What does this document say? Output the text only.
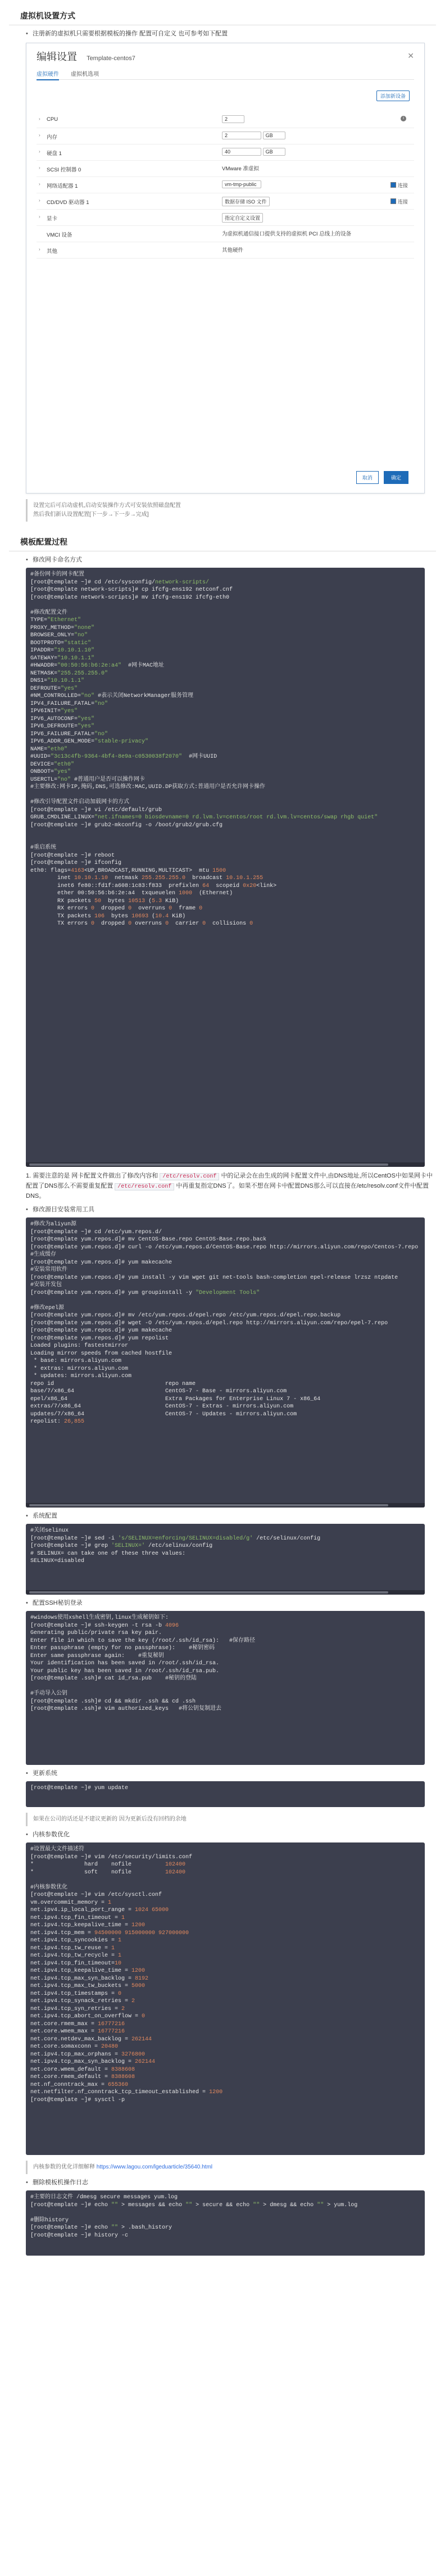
虚拟机设置方式
• 注册新的虚拟机只需要根据模板的操作 配置可自定义 也可参考如下配置
编辑设置 Template-centos7	✕
虚拟硬件 虚拟机选项
添加新设备
› CPU	2	i
› 内存	2	GB
› 硬盘 1	40	GB
› SCSI 控制器 0	VMware 准虚拟
› 网络适配器 1	vm-tmp-public	连接
› CD/DVD 驱动器 1	数据存储 ISO 文件	连接
› 显卡	指定自定义设置
VMCI 设备	为虚拟机通信接口提供支持的虚拟机 PCI 总线上的设备
› 其他	其他硬件
取消	确定
设置完后可启动虚机,启动安装操作方式可安装依照磁盘配置
然后我们新认设置配置[下一步→下一步→完成]
模板配置过程
• 修改网卡命名方式
#备份网卡的网卡配置
[root@template ~]# cd /etc/sysconfig/network-scripts/
[root@template network-scripts]# cp ifcfg-ens192 netconf.cnf
[root@template network-scripts]# mv ifcfg-ens192 ifcfg-eth0

#修改配置文件
TYPE="Ethernet"
PROXY_METHOD="none"
BROWSER_ONLY="no"
BOOTPROTO="static"
IPADDR="10.10.1.10"
GATEWAY="10.10.1.1"
#HWADDR="00:50:56:b6:2e:a4"  #网卡MAC地址
NETMASK="255.255.255.0"
DNS1="10.10.1.1"
DEFROUTE="yes"
#NM_CONTROLLED="no" #表示关闭NetworkManager服务管理
IPV4_FAILURE_FATAL="no"
IPV6INIT="yes"
IPV6_AUTOCONF="yes"
IPV6_DEFROUTE="yes"
IPV6_FAILURE_FATAL="no"
IPV6_ADDR_GEN_MODE="stable-privacy"
NAME="eth0"
#UUID="3c13c4fb-9364-4bf4-8e9a-c0530038f2070"  #网卡UUID
DEVICE="eth0"
ONBOOT="yes"
USERCTL="no" #普通用户是否可以操作网卡
#主要修改:网卡IP,掩码,DNS,可选修改:MAC,UUID.DP获取方式:普通用户是否允许网卡操作

#修改引导配置文件启动加载网卡的方式
[root@template ~]# vi /etc/default/grub
GRUB_CMDLINE_LINUX="net.ifnames=0 biosdevname=0 rd.lvm.lv=centos/root rd.lvm.lv=centos/swap rhgb quiet"
[root@template ~]# grub2-mkconfig -o /boot/grub2/grub.cfg

#重启系统
[root@template ~]# reboot
[root@template ~]# ifconfig
eth0: flags=4163<UP,BROADCAST,RUNNING,MULTICAST>  mtu 1500
inet 10.10.1.10  netmask 255.255.255.0  broadcast 10.10.1.255
inet6 fe80::fd1f:a608:1c83:f833  prefixlen 64  scopeid 0x20<link>
ether 00:50:56:b6:2e:a4  txqueuelen 1000  (Ethernet)
RX packets 50  bytes 10513 (5.3 KiB)
RX errors 0  dropped 0  overruns 0  frame 0
TX packets 106  bytes 10693 (10.4 KiB)
TX errors 0  dropped 0 overruns 0  carrier 0  collisions 0

1. 需要注意的是 网卡配置文件做出了修改内容和 /etc/resolv.conf 中的记录会在由生成的网卡配置文件中,由DNS地址,所以CentOS中如果网卡中配置了DNS那么不需要重复配置 /etc/resolv.conf 中再重复指定DNS了。如果不想在网卡中配置DNS那么可以直接在/etc/resolv.conf文件中配置DNS。
• 修改源目安装常用工具
#修改为aliyun源
[root@template ~]# cd /etc/yum.repos.d/
[root@template yum.repos.d]# mv CentOS-Base.repo CentOS-Base.repo.back
[root@template yum.repos.d]# curl -o /etc/yum.repos.d/CentOS-Base.repo http://mirrors.aliyun.com/repo/Centos-7.repo
#生成缓存
[root@template yum.repos.d]# yum makecache
#安装常用软件
[root@template yum.repos.d]# yum install -y vim wget git net-tools bash-completion epel-release lrzsz ntpdate
#安装开发包
[root@template yum.repos.d]# yum groupinstall -y "Development Tools"

#修改epel源
[root@template yum.repos.d]# mv /etc/yum.repos.d/epel.repo /etc/yum.repos.d/epel.repo.backup
[root@template yum.repos.d]# wget -O /etc/yum.repos.d/epel.repo http://mirrors.aliyun.com/repo/epel-7.repo
[root@template yum.repos.d]# yum makecache
[root@template yum.repos.d]# yum repolist
Loaded plugins: fastestmirror
Loading mirror speeds from cached hostfile
* base: mirrors.aliyun.com
* extras: mirrors.aliyun.com
* updates: mirrors.aliyun.com
repo id                                 repo name
base/7/x86_64                           CentOS-7 - Base - mirrors.aliyun.com
epel/x86_64                             Extra Packages for Enterprise Linux 7 - x86_64
extras/7/x86_64                         CentOS-7 - Extras - mirrors.aliyun.com
updates/7/x86_64                        CentOS-7 - Updates - mirrors.aliyun.com
repolist: 26,855

• 系统配置
#关闭selinux
[root@template ~]# sed -i 's/SELINUX=enforcing/SELINUX=disabled/g' /etc/selinux/config
[root@template ~]# grep 'SELINUX=' /etc/selinux/config
# SELINUX= can take one of these three values:
SELINUX=disabled

• 配置SSH秘钥登录
#windows使用xshell生成密钥,linux生成秘钥如下:
[root@template ~]# ssh-keygen -t rsa -b 4096
Generating public/private rsa key pair.
Enter file in which to save the key (/root/.ssh/id_rsa):   #保存路径
Enter passphrase (empty for no passphrase):    #秘钥密码
Enter same passphrase again:    #重复秘钥
Your identification has been saved in /root/.ssh/id_rsa.
Your public key has been saved in /root/.ssh/id_rsa.pub.
[root@template .ssh]# cat id_rsa.pub    #秘钥的登陆

#手动导入公钥
[root@template .ssh]# cd && mkdir .ssh && cd .ssh
[root@template .ssh]# vim authorized_keys   #将公钥复制进去

• 更新系统
[root@template ~]# yum update

如果在公司的话还是不建议更新的 因为更新后没有回档的余地
• 内核参数优化
#设置最大文件描述符
[root@template ~]# vim /etc/security/limits.conf
*               hard    nofile	102400
*               soft    nofile	102400

#内核参数优化
[root@template ~]# vim /etc/sysctl.conf
vm.overcommit_memory = 1
net.ipv4.ip_local_port_range = 1024 65000
net.ipv4.tcp_fin_timeout = 1
net.ipv4.tcp_keepalive_time = 1200
net.ipv4.tcp_mem = 94500000 915000000 927000000
net.ipv4.tcp_syncookies = 1
net.ipv4.tcp_tw_reuse = 1
net.ipv4.tcp_tw_recycle = 1
net.ipv4.tcp_fin_timeout=10
net.ipv4.tcp_keepalive_time = 1200
net.ipv4.tcp_max_syn_backlog = 8192
net.ipv4.tcp_max_tw_buckets = 5000
net.ipv4.tcp_timestamps = 0
net.ipv4.tcp_synack_retries = 2
net.ipv4.tcp_syn_retries = 2
net.ipv4.tcp_abort_on_overflow = 0
net.core.rmem_max = 16777216
net.core.wmem_max = 16777216
net.core.netdev_max_backlog = 262144
net.core.somaxconn = 20480
net.ipv4.tcp_max_orphans = 3276800
net.ipv4.tcp_max_syn_backlog = 262144
net.core.wmem_default = 8388608
net.core.rmem_default = 8388608
net.nf_conntrack_max = 655360
net.netfilter.nf_conntrack_tcp_timeout_established = 1200
[root@template ~]# sysctl -p

内核参数的优化详细解释 https://www.lagou.com/lgeduarticle/35640.html
• 删除模板机操作日志
#主要的日志文件 /dmesg secure messages yum.log
[root@template ~]# echo "" > messages && echo "" > secure && echo "" > dmesg && echo "" > yum.log

#删除history
[root@template ~]# echo "" > .bash_history
[root@template ~]# history -c
